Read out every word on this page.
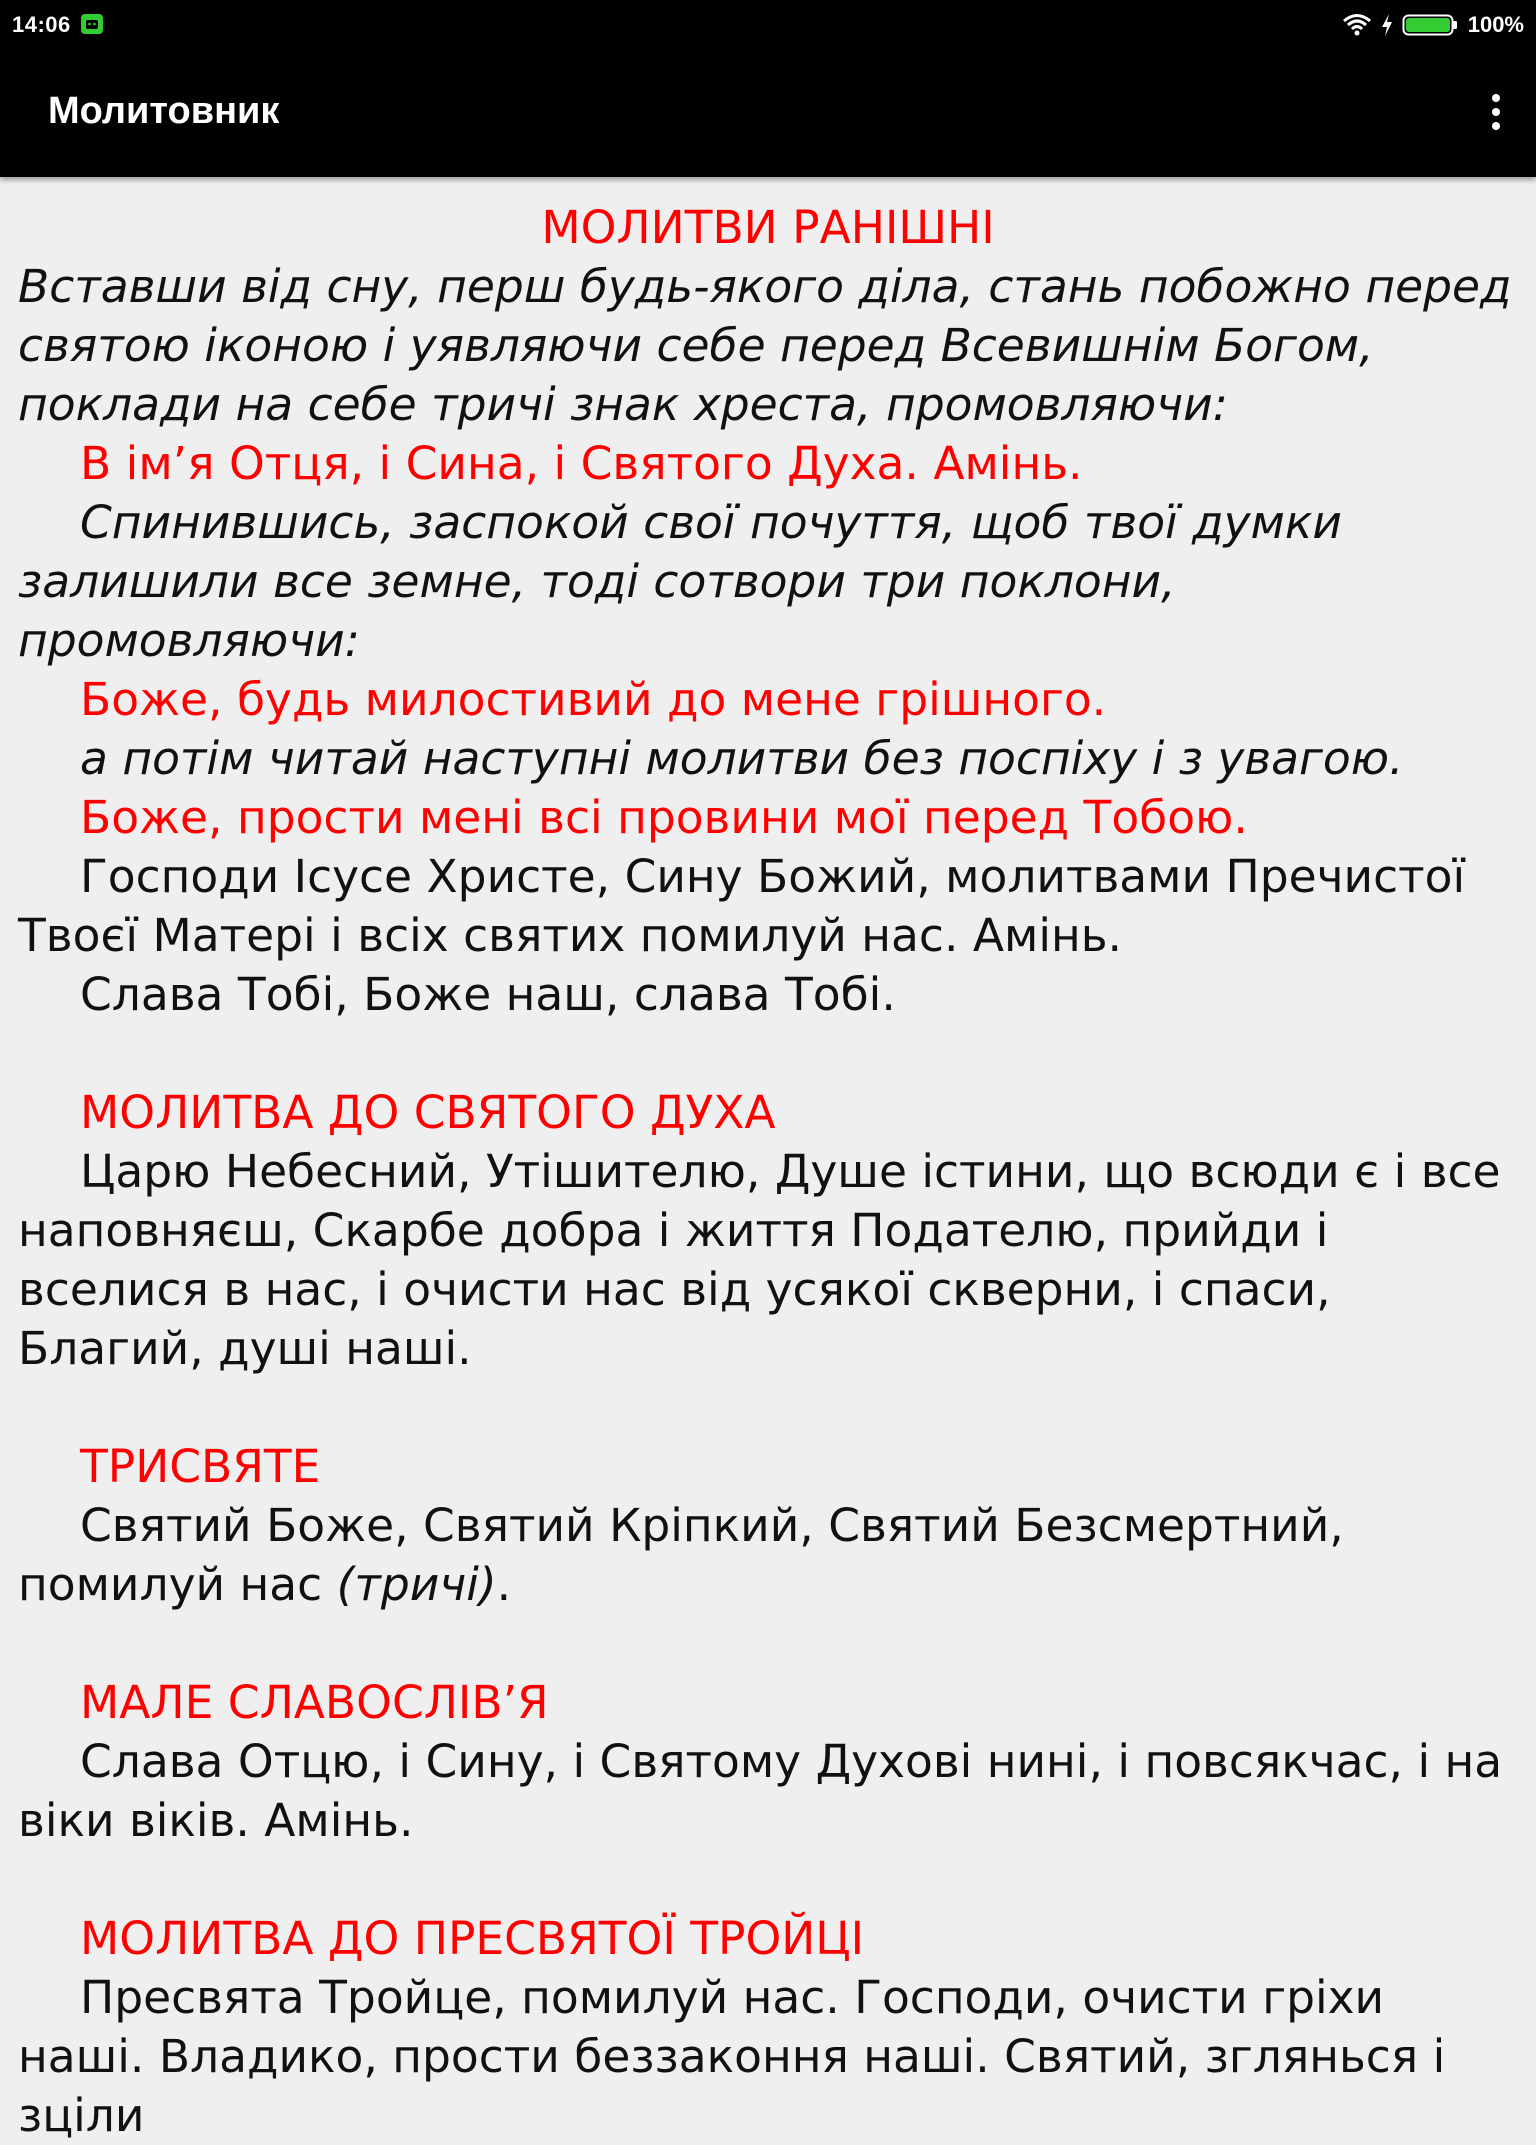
14:06	100%
Молитовник

МОЛИТВИ РАНІШНІ

Вставши від сну, перш будь-якого діла, стань побожно перед святою іконою і уявляючи себе перед Всевишнім Богом, поклади на себе тричі знак хреста, промовляючи:

В ім’я Отця, і Сина, і Святого Духа. Амінь.

Спинившись, заспокой свої почуття, щоб твої думки залишили все земне, тоді сотвори три поклони, промовляючи:

Боже, будь милостивий до мене грішного.

а потім читай наступні молитви без поспіху і з увагою.

Боже, прости мені всі провини мої перед Тобою.

Господи Ісусе Христе, Сину Божий, молитвами Пречистої Твоєї Матері і всіх святих помилуй нас. Амінь.

Слава Тобі, Боже наш, слава Тобі.

МОЛИТВА ДО СВЯТОГО ДУХА

Царю Небесний, Утішителю, Душе істини, що всюди є і все наповняєш, Скарбе добра і життя Подателю, прийди і вселися в нас, і очисти нас від усякої скверни, і спаси, Благий, душі наші.

ТРИСВЯТЕ

Святий Боже, Святий Кріпкий, Святий Безсмертний, помилуй нас (тричі).

МАЛЕ СЛАВОСЛІВ’Я

Слава Отцю, і Сину, і Святому Духові нині, і повсякчас, і на віки віків. Амінь.

МОЛИТВА ДО ПРЕСВЯТОЇ ТРОЙЦІ

Пресвята Тройце, помилуй нас. Господи, очисти гріхи наші. Владико, прости беззаконня наші. Святий, зглянься і зціли
